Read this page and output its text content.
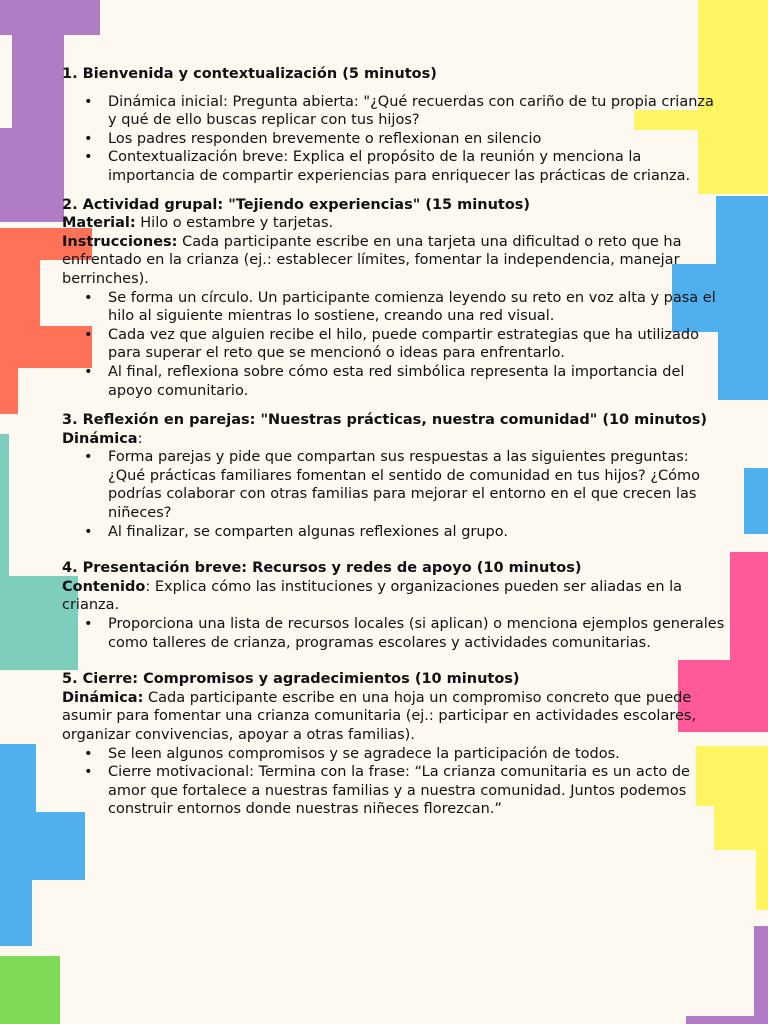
1. Bienvenida y contextualización (5 minutos)

• Dinámica inicial: Pregunta abierta: "¿Qué recuerdas con cariño de tu propia crianza y qué de ello buscas replicar con tus hijos?
• Los padres responden brevemente o reflexionan en silencio
• Contextualización breve: Explica el propósito de la reunión y menciona la importancia de compartir experiencias para enriquecer las prácticas de crianza.

2. Actividad grupal: "Tejiendo experiencias" (15 minutos)

Material: Hilo o estambre y tarjetas.

Instrucciones: Cada participante escribe en una tarjeta una dificultad o reto que ha enfrentado en la crianza (ej.: establecer límites, fomentar la independencia, manejar berrinches).

• Se forma un círculo. Un participante comienza leyendo su reto en voz alta y pasa el hilo al siguiente mientras lo sostiene, creando una red visual.
• Cada vez que alguien recibe el hilo, puede compartir estrategias que ha utilizado para superar el reto que se mencionó o ideas para enfrentarlo.
• Al final, reflexiona sobre cómo esta red simbólica representa la importancia del apoyo comunitario.

3. Reflexión en parejas: "Nuestras prácticas, nuestra comunidad" (10 minutos)

Dinámica:

• Forma parejas y pide que compartan sus respuestas a las siguientes preguntas: ¿Qué prácticas familiares fomentan el sentido de comunidad en tus hijos? ¿Cómo podrías colaborar con otras familias para mejorar el entorno en el que crecen las niñeces?
• Al finalizar, se comparten algunas reflexiones al grupo.

4. Presentación breve: Recursos y redes de apoyo (10 minutos)

Contenido: Explica cómo las instituciones y organizaciones pueden ser aliadas en la crianza.

• Proporciona una lista de recursos locales (si aplican) o menciona ejemplos generales como talleres de crianza, programas escolares y actividades comunitarias.

5. Cierre: Compromisos y agradecimientos (10 minutos)

Dinámica: Cada participante escribe en una hoja un compromiso concreto que puede asumir para fomentar una crianza comunitaria (ej.: participar en actividades escolares, organizar convivencias, apoyar a otras familias).

• Se leen algunos compromisos y se agradece la participación de todos.
• Cierre motivacional: Termina con la frase: “La crianza comunitaria es un acto de amor que fortalece a nuestras familias y a nuestra comunidad. Juntos podemos construir entornos donde nuestras niñeces florezcan.”
